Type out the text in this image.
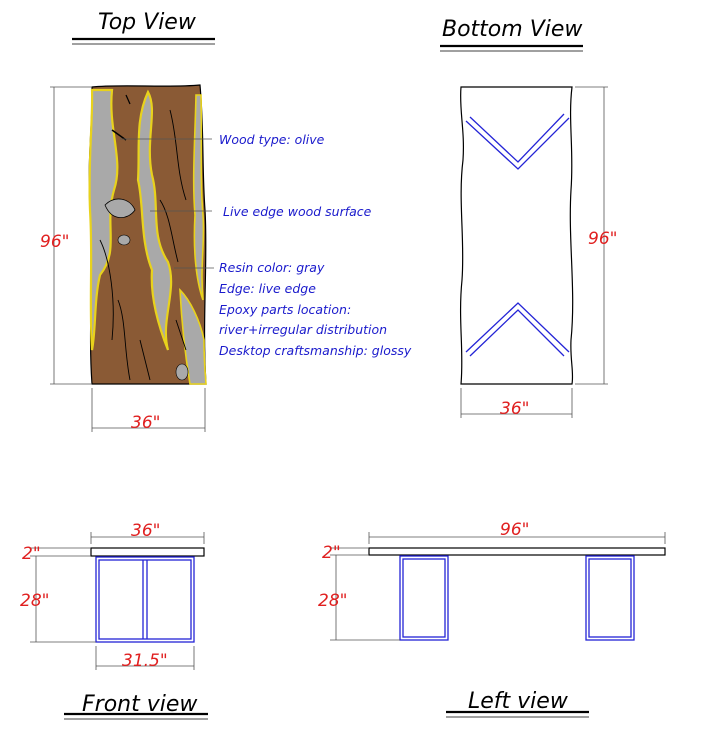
Top View
96"
36"
Wood type: olive
Live edge wood surface
Resin color: gray
Edge: live edge
Epoxy parts location:
river+irregular distribution
Desktop craftsmanship: glossy
Bottom View
96"
36"
Front view
36"
2"
28"
31.5"
Left view
96"
2"
28"
